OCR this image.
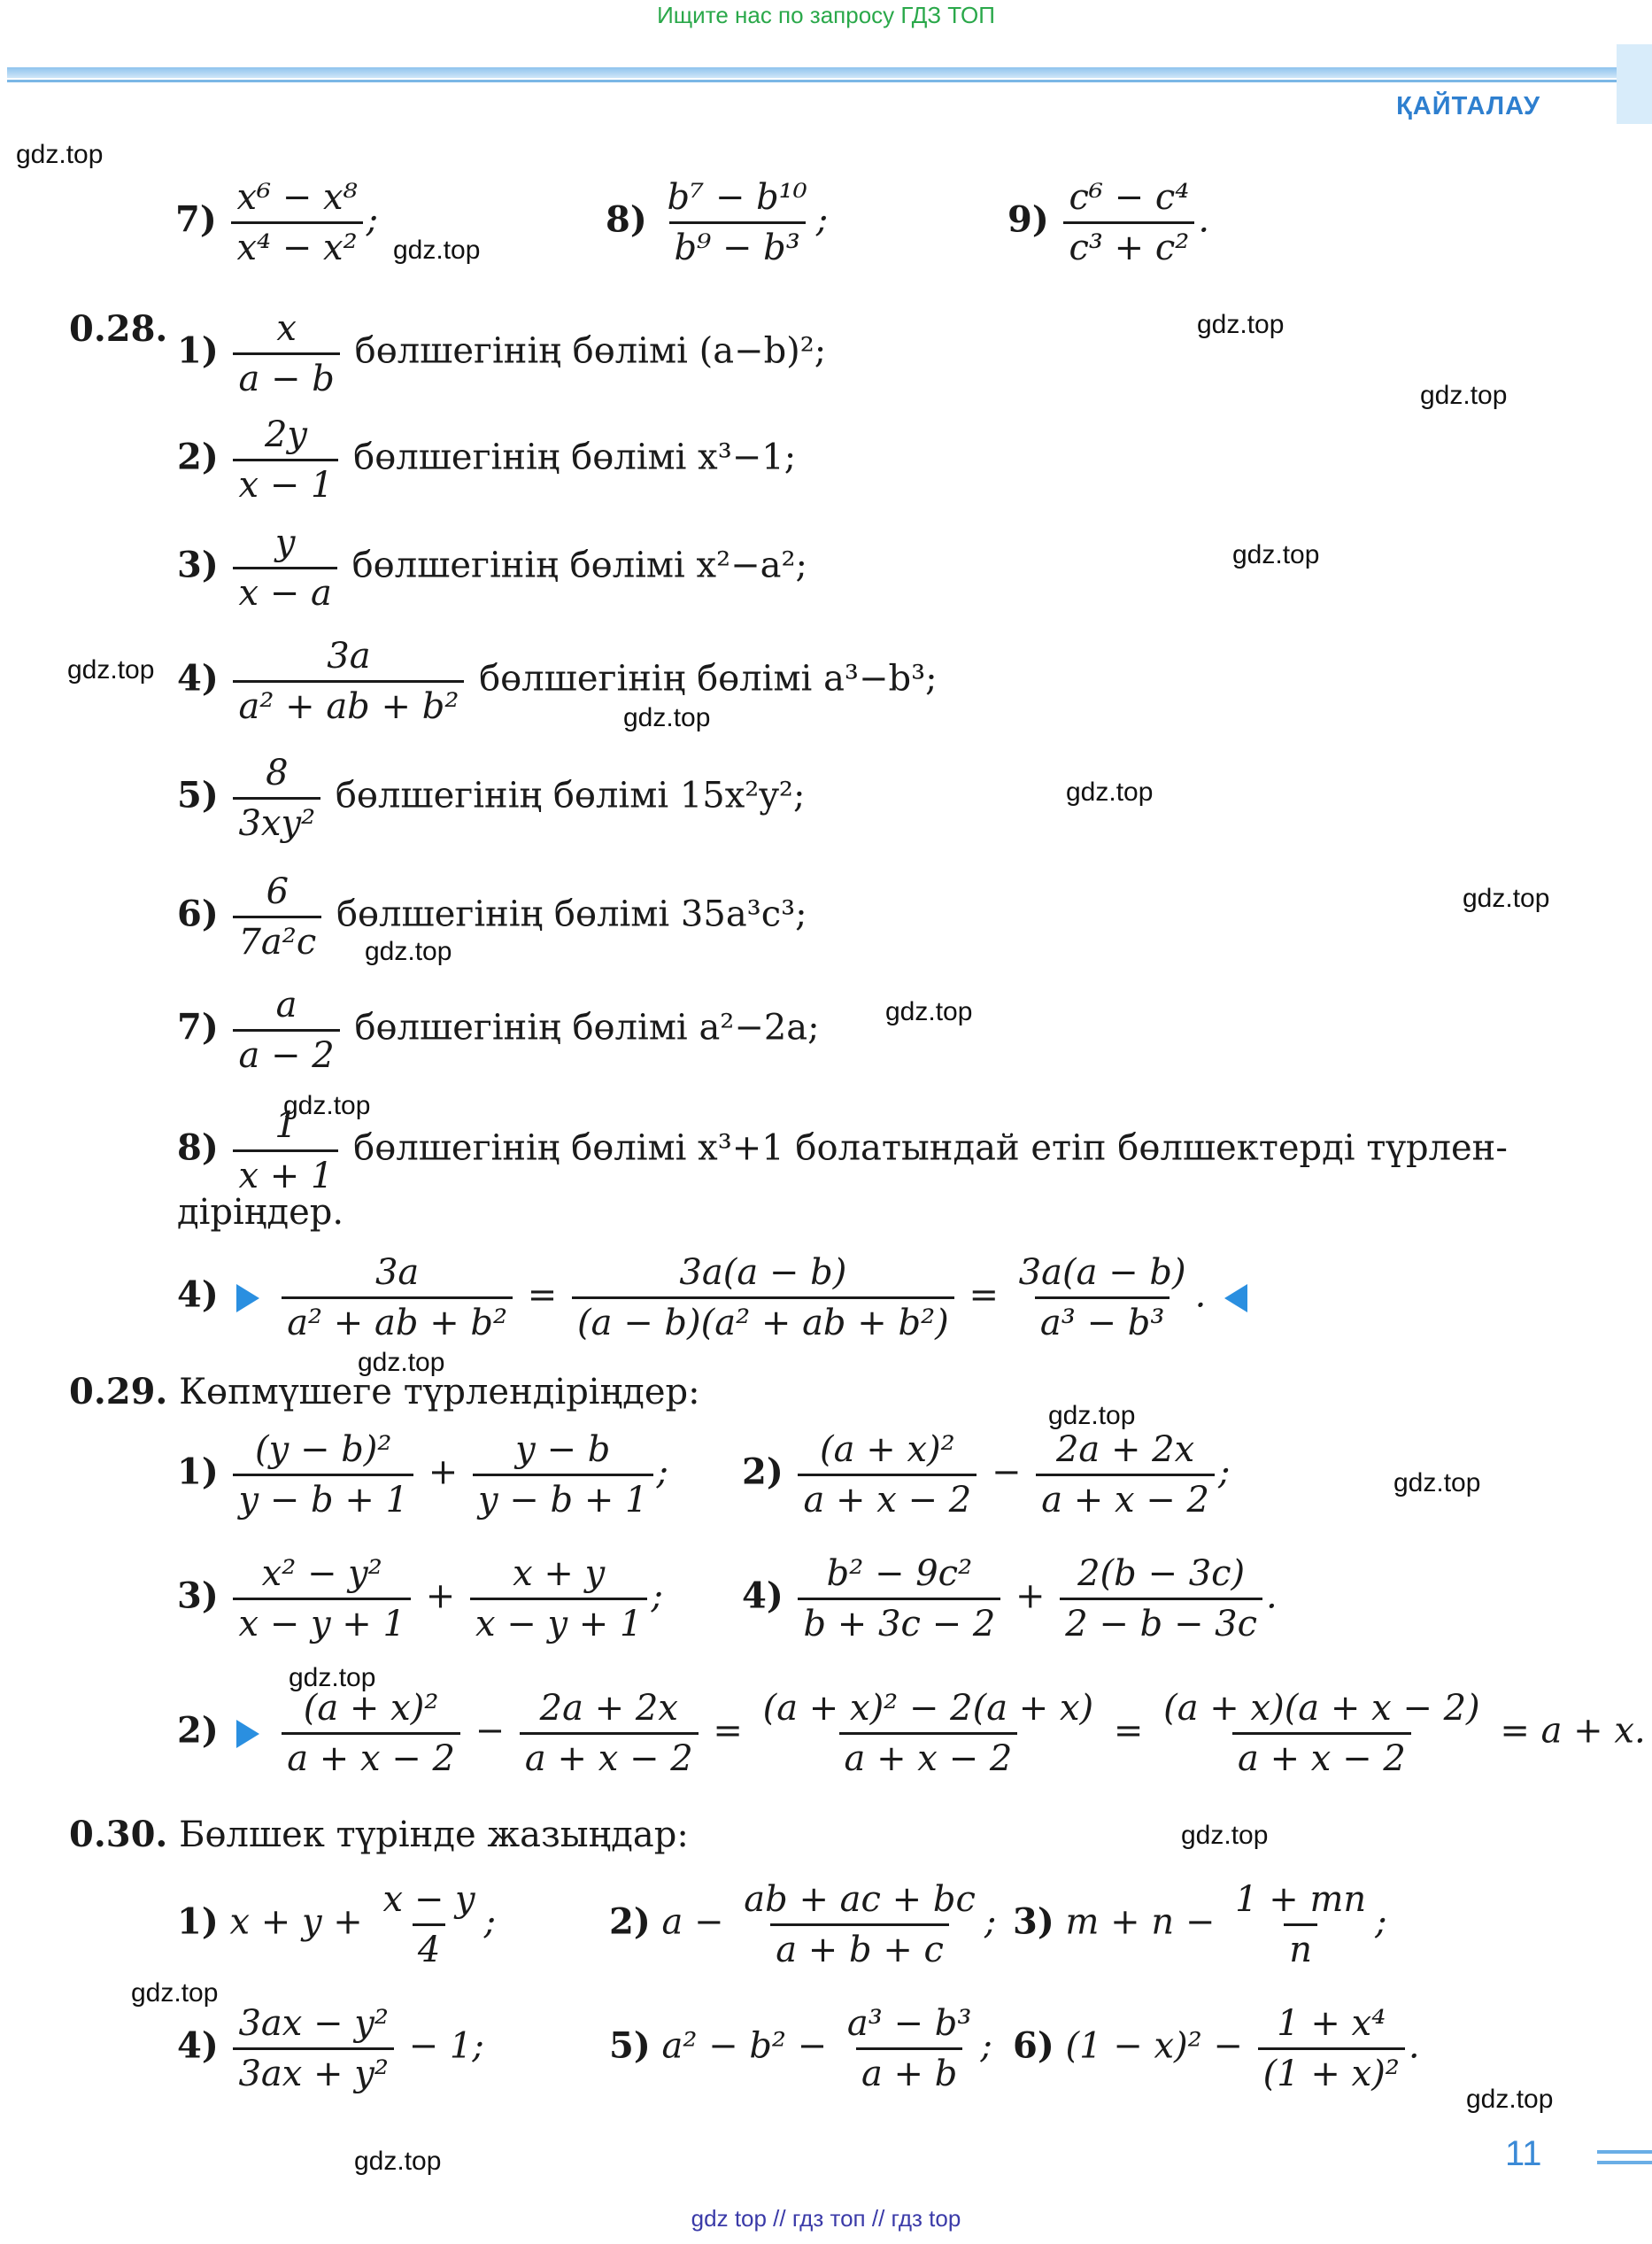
Ищите нас по запросу ГДЗ ТОП
ҚАЙТАЛАУ
gdz.top
gdz.top
gdz.top
gdz.top
gdz.top
gdz.top
gdz.top
gdz.top
gdz.top
gdz.top
gdz.top
gdz.top
gdz.top
gdz.top
gdz.top
gdz.top
gdz.top
gdz.top
gdz.top
gdz.top
$7) \frac{\text{x⁶ − x⁸}}{\text{x⁴ − x²}}$ ;	$8) \frac{\text{b⁷ − b¹⁰}}{\text{b⁹ − b³}}$ ;	$9) \frac{\text{c⁶ − c⁴}}{\text{c³ + c²}}$ .
0.28.
$1) \frac{x}{a - b}$ бөлшегінің бөлімі (a−b)²;
$2) \frac{2y}{x - 1}$ бөлшегінің бөлімі x³−1;
$3) \frac{y}{x - a}$ бөлшегінің бөлімі x²−a²;
$4) \frac{3a}{\text{a² + ab + b²}}$ бөлшегінің бөлімі a³−b³;
$5) \frac{8}{\text{3xy²}}$ бөлшегінің бөлімі 15x²y²;
$6) \frac{6}{\text{7a²c}}$ бөлшегінің бөлімі 35a³c³;
$7) \frac{a}{a - 2}$ бөлшегінің бөлімі a²−2a;
$8) \frac{1}{x + 1}$ бөлшегінің бөлімі x³+1 болатындай етіп бөлшектерді түрлен-
діріңдер.
$4) \frac{3a}{\text{a² + ab + b²}} = \frac{3a(a - b)}{\text{(a − b)(a² + ab + b²)}} = \frac{3a(a - b)}{\text{a³ − b³}}$ .
0.29. Көпмүшеге түрлендіріңдер:
$1) \frac{\text{(y − b)²}}{y - b + 1} + \frac{y - b}{y - b + 1}$ ; $2) \frac{\text{(a + x)²}}{a + x - 2} - \frac{2a + 2x}{a + x - 2}$ ;
$3) \frac{\text{x² − y²}}{x - y + 1} + \frac{x + y}{x - y + 1}$ ; $4) \frac{\text{b² − 9c²}}{b + 3c - 2} + \frac{2(b - 3c)}{2 - b - 3c}$ .
$2) \frac{\text{(a + x)²}}{a + x - 2} - \frac{2a + 2x}{a + x - 2} = \frac{\text{(a + x)² − 2(a + x)}}{a + x - 2} = \frac{(a + x)(a + x - 2)}{a + x - 2} = a + x$.
0.30. Бөлшек түрінде жазыңдар:
1) $x + y + \frac{x - y}{4}$ ;	2) $a - \frac{ab + ac + bc}{a + b + c}$ ; 3) $m + n - \frac{1 + mn}{n}$ ;
$4) \frac{\text{3ax − y²}}{\text{3ax + y²}} - 1$;	5) $a^2 - b^2 - \frac{\text{a³ − b³}}{a + b}$ ; 6) $(1 - x)^2 - \frac{\text{1 + x⁴}}{\text{(1 + x)²}}$ .
11
gdz top // гдз топ // гдз top
